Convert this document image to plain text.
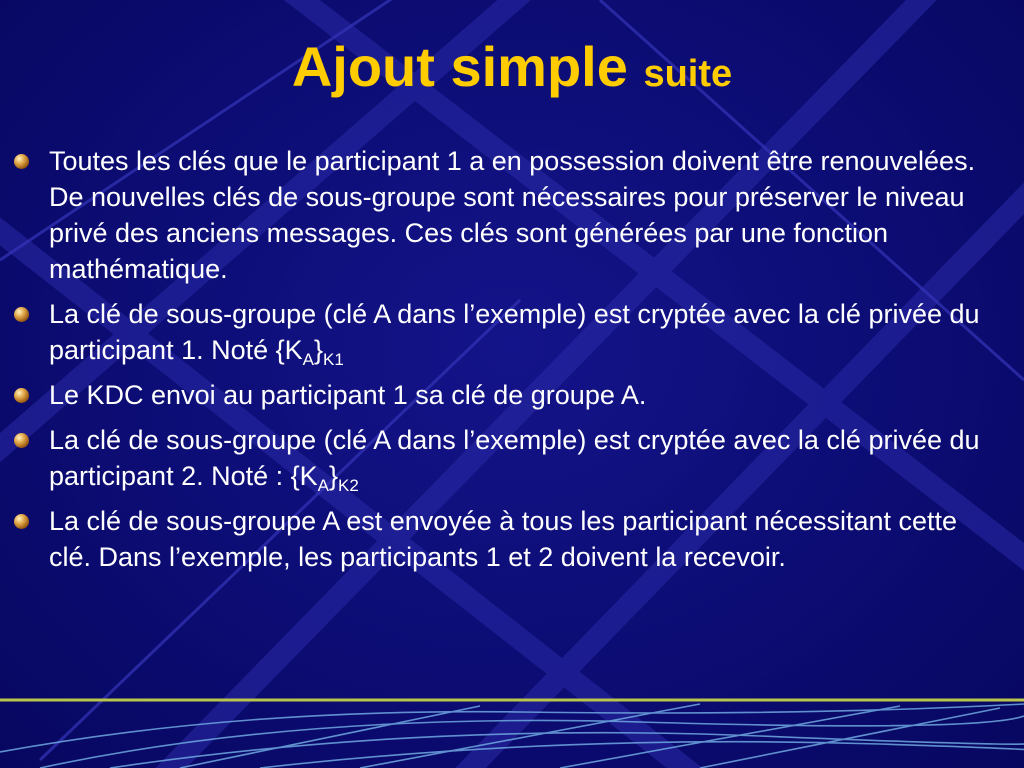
Ajout simple suite
Toutes les clés que le participant 1 a en possession doivent être renouvelées. De nouvelles clés de sous-groupe sont nécessaires pour préserver le niveau privé des anciens messages. Ces clés sont générées par une fonction mathématique.
La clé de sous-groupe (clé A dans l’exemple) est cryptée avec la clé privée du participant 1. Noté $\{K_A\}_{K1}$
Le KDC envoi au participant 1 sa clé de groupe A.
La clé de sous-groupe (clé A dans l’exemple) est cryptée avec la clé privée du participant 2. Noté : $\{K_A\}_{K2}$
La clé de sous-groupe A est envoyée à tous les participant nécessitant cette clé. Dans l’exemple, les participants 1 et 2 doivent la recevoir.
